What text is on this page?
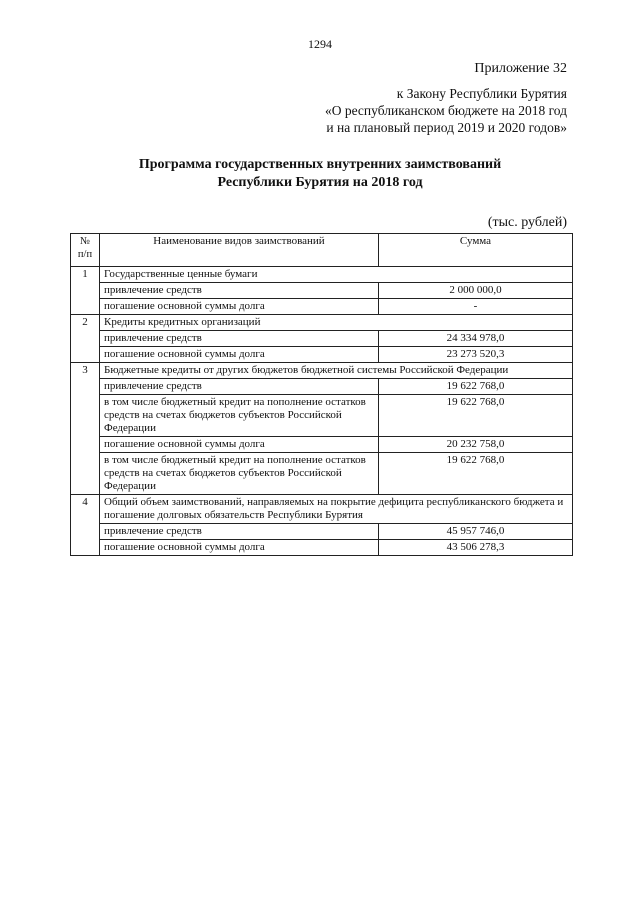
1294
Приложение 32
к Закону Республики Бурятия
«О республиканском бюджете на 2018 год
и на плановый период 2019 и 2020 годов»
Программа государственных внутренних заимствований
Республики Бурятия на 2018 год
(тыс. рублей)
№ п/п	Наименование видов заимствований	Сумма
1	Государственные ценные бумаги	
	привлечение средств	2 000 000,0
	погашение основной суммы долга	-
2	Кредиты кредитных организаций	
	привлечение средств	24 334 978,0
	погашение основной суммы долга	23 273 520,3
3	Бюджетные кредиты от других бюджетов бюджетной системы Российской Федерации	
	привлечение средств	19 622 768,0
	в том числе бюджетный кредит на пополнение остатков средств на счетах бюджетов субъектов Российской Федерации	19 622 768,0
	погашение основной суммы долга	20 232 758,0
	в том числе бюджетный кредит на пополнение остатков средств на счетах бюджетов субъектов Российской Федерации	19 622 768,0
4	Общий объем заимствований, направляемых на покрытие дефицита республиканского бюджета и погашение долговых обязательств Республики Бурятия	
	привлечение средств	45 957 746,0
	погашение основной суммы долга	43 506 278,3
